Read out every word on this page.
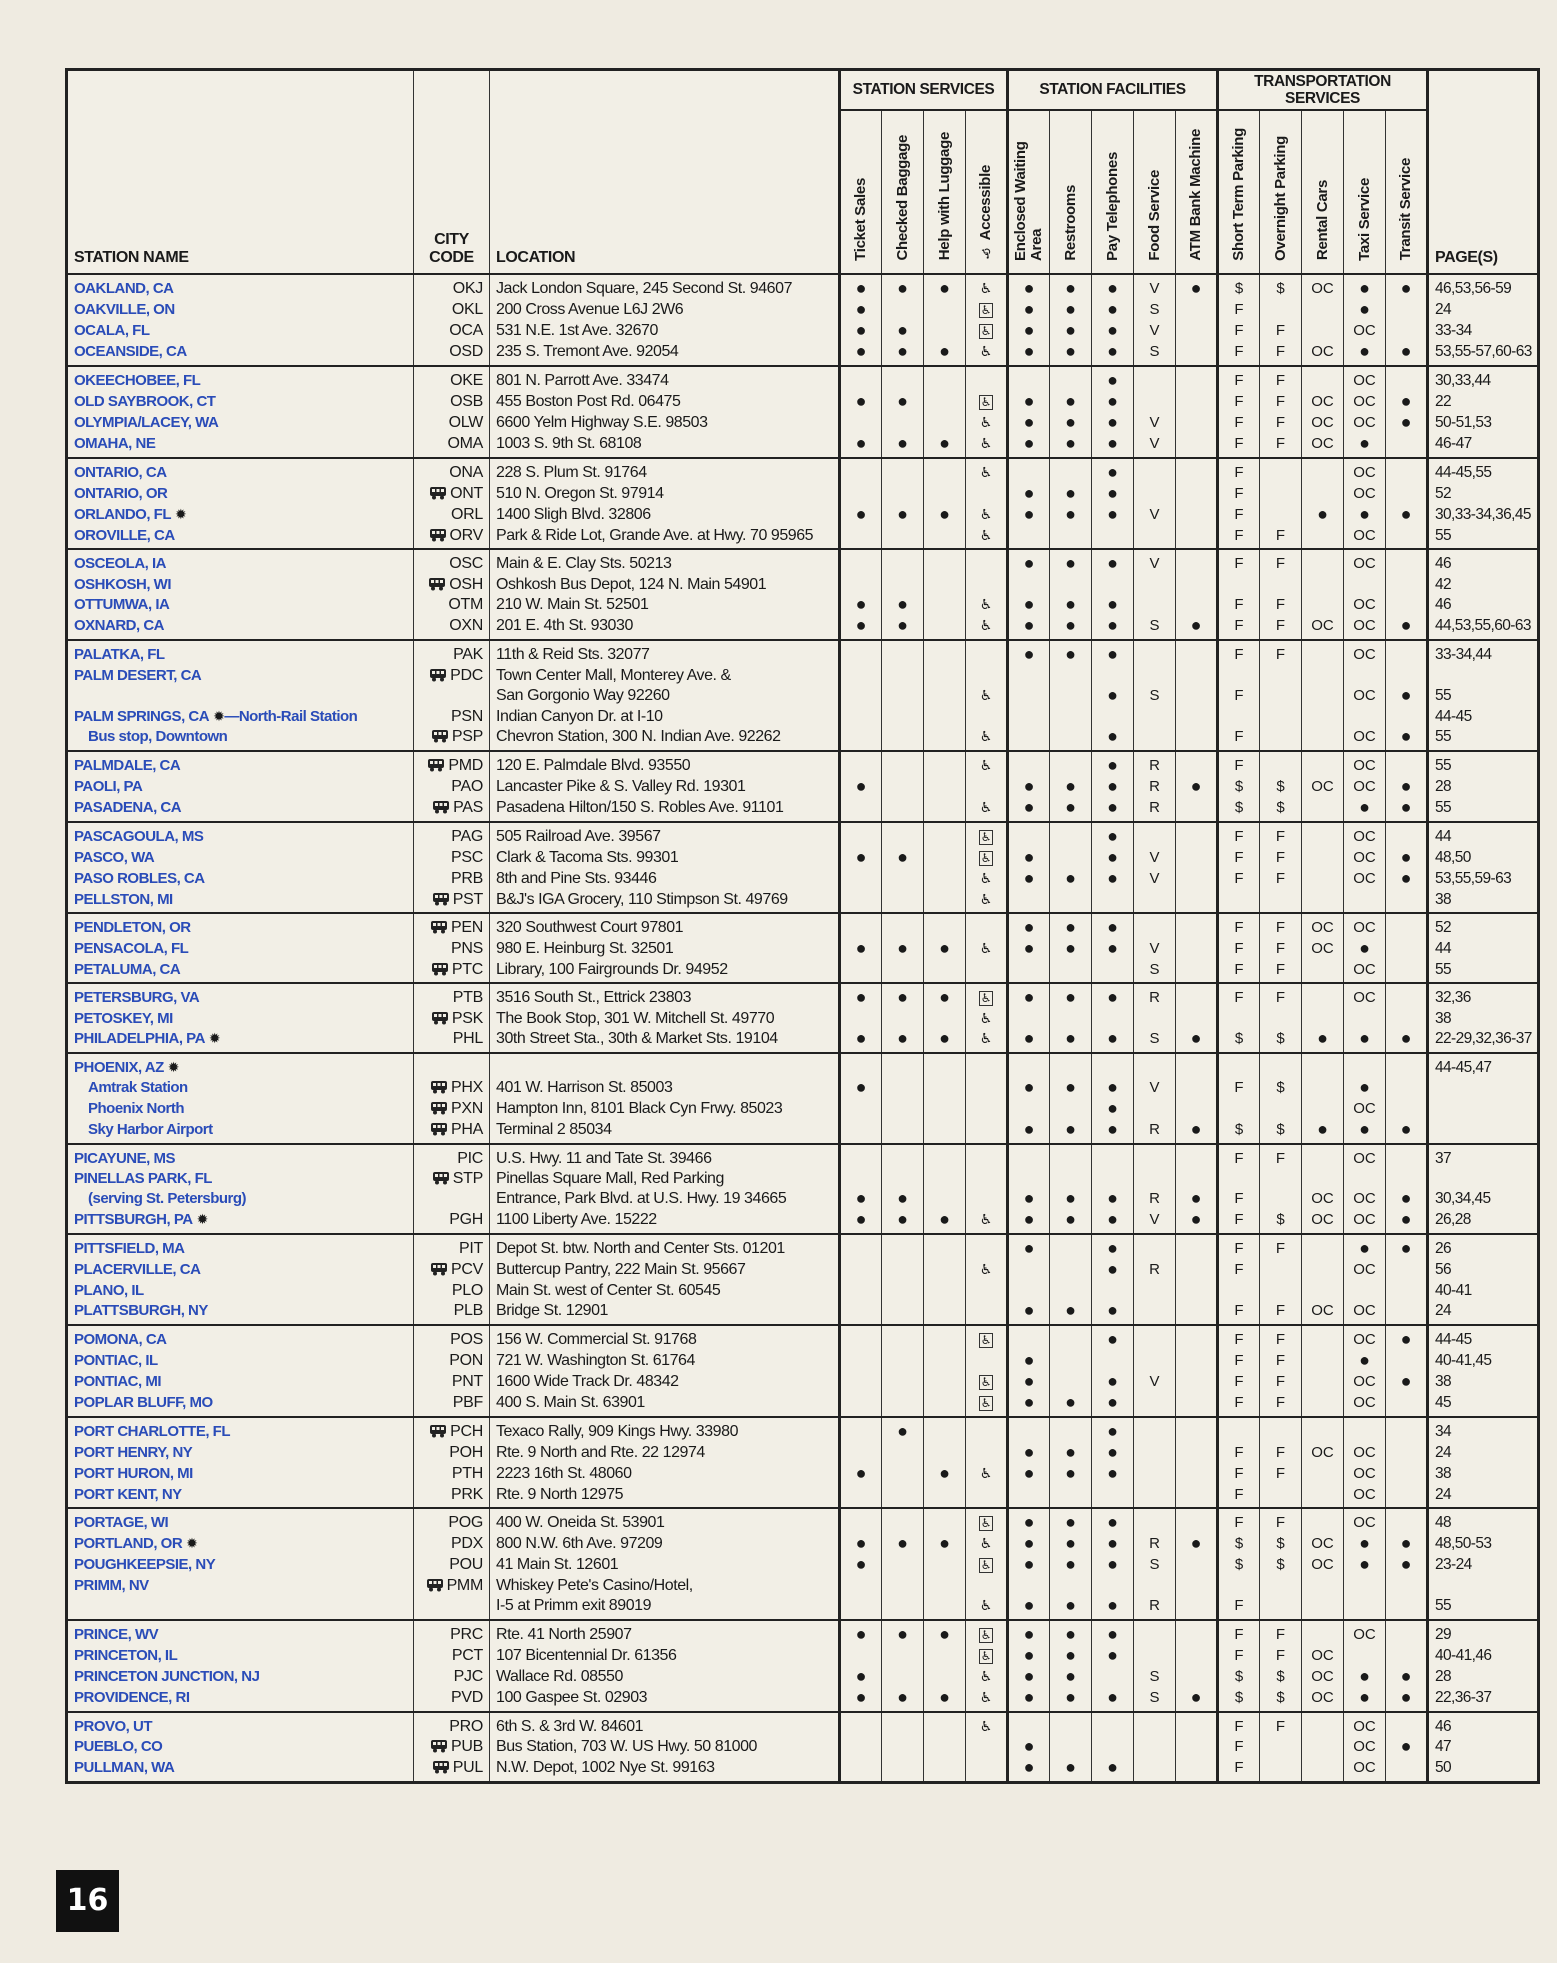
STATION NAME	CITY
CODE	LOCATION	STATION SERVICES				STATION FACILITIES					TRANSPORTATION SERVICES					PAGE(S)
			Ticket Sales	Checked Baggage	Help with Luggage	♿ Accessible	Enclosed Waiting Area	Restrooms	Pay Telephones	Food Service	ATM Bank Machine	Short Term Parking	Overnight Parking	Rental Cars	Taxi Service	Transit Service	
OAKLAND, CA	OKJ	Jack London Square, 245 Second St. 94607	●	●	●	♿	●	●	●	V	●	$	$	OC	●	●	46,53,56-59
OAKVILLE, ON	OKL	200 Cross Avenue L6J 2W6	●			♿	●	●	●	S		F			●		24
OCALA, FL	OCA	531 N.E. 1st Ave. 32670	●	●		♿	●	●	●	V		F	F		OC		33-34
OCEANSIDE, CA	OSD	235 S. Tremont Ave. 92054	●	●	●	♿	●	●	●	S		F	F	OC	●	●	53,55-57,60-63
OKEECHOBEE, FL	OKE	801 N. Parrott Ave. 33474							●			F	F		OC		30,33,44
OLD SAYBROOK, CT	OSB	455 Boston Post Rd. 06475	●	●		♿	●	●	●			F	F	OC	OC	●	22
OLYMPIA/LACEY, WA	OLW	6600 Yelm Highway S.E. 98503				♿	●	●	●	V		F	F	OC	OC	●	50-51,53
OMAHA, NE	OMA	1003 S. 9th St. 68108	●	●	●	♿	●	●	●	V		F	F	OC	●		46-47
ONTARIO, CA	ONA	228 S. Plum St. 91764				♿			●			F			OC		44-45,55
ONTARIO, OR	ONT	510 N. Oregon St. 97914					●	●	●			F			OC		52
ORLANDO, FL ✹	ORL	1400 Sligh Blvd. 32806	●	●	●	♿	●	●	●	V		F		●	●	●	30,33-34,36,45
OROVILLE, CA	ORV	Park & Ride Lot, Grande Ave. at Hwy. 70 95965				♿						F	F		OC		55
OSCEOLA, IA	OSC	Main & E. Clay Sts. 50213					●	●	●	V		F	F		OC		46
OSHKOSH, WI	OSH	Oshkosh Bus Depot, 124 N. Main 54901															42
OTTUMWA, IA	OTM	210 W. Main St. 52501	●	●		♿	●	●	●			F	F		OC		46
OXNARD, CA	OXN	201 E. 4th St. 93030	●	●		♿	●	●	●	S	●	F	F	OC	OC	●	44,53,55,60-63
PALATKA, FL	PAK	11th & Reid Sts. 32077					●	●	●			F	F		OC		33-34,44
PALM DESERT, CA	PDC	Town Center Mall, Monterey Ave. &															
		San Gorgonio Way 92260				♿			●	S		F			OC	●	55
PALM SPRINGS, CA ✹—North-Rail Station	PSN	Indian Canyon Dr. at I-10															44-45
Bus stop, Downtown	PSP	Chevron Station, 300 N. Indian Ave. 92262				♿			●			F			OC	●	55
PALMDALE, CA	PMD	120 E. Palmdale Blvd. 93550				♿			●	R		F			OC		55
PAOLI, PA	PAO	Lancaster Pike & S. Valley Rd. 19301	●				●	●	●	R	●	$	$	OC	OC	●	28
PASADENA, CA	PAS	Pasadena Hilton/150 S. Robles Ave. 91101				♿	●	●	●	R		$	$		●	●	55
PASCAGOULA, MS	PAG	505 Railroad Ave. 39567				♿			●			F	F		OC		44
PASCO, WA	PSC	Clark & Tacoma Sts. 99301	●	●		♿	●		●	V		F	F		OC	●	48,50
PASO ROBLES, CA	PRB	8th and Pine Sts. 93446				♿	●	●	●	V		F	F		OC	●	53,55,59-63
PELLSTON, MI	PST	B&J's IGA Grocery, 110 Stimpson St. 49769				♿											38
PENDLETON, OR	PEN	320 Southwest Court 97801					●	●	●			F	F	OC	OC		52
PENSACOLA, FL	PNS	980 E. Heinburg St. 32501	●	●	●	♿	●	●	●	V		F	F	OC	●		44
PETALUMA, CA	PTC	Library, 100 Fairgrounds Dr. 94952								S		F	F		OC		55
PETERSBURG, VA	PTB	3516 South St., Ettrick 23803	●	●	●	♿	●	●	●	R		F	F		OC		32,36
PETOSKEY, MI	PSK	The Book Stop, 301 W. Mitchell St. 49770				♿											38
PHILADELPHIA, PA ✹	PHL	30th Street Sta., 30th & Market Sts. 19104	●	●	●	♿	●	●	●	S	●	$	$	●	●	●	22-29,32,36-37
PHOENIX, AZ ✹																	44-45,47
Amtrak Station	PHX	401 W. Harrison St. 85003	●				●	●	●	V		F	$		●		
Phoenix North	PXN	Hampton Inn, 8101 Black Cyn Frwy. 85023							●						OC		
Sky Harbor Airport	PHA	Terminal 2 85034					●	●	●	R	●	$	$	●	●	●	
PICAYUNE, MS	PIC	U.S. Hwy. 11 and Tate St. 39466										F	F		OC		37
PINELLAS PARK, FL	STP	Pinellas Square Mall, Red Parking															
(serving St. Petersburg)		Entrance, Park Blvd. at U.S. Hwy. 19 34665	●	●			●	●	●	R	●	F		OC	OC	●	30,34,45
PITTSBURGH, PA ✹	PGH	1100 Liberty Ave. 15222	●	●	●	♿	●	●	●	V	●	F	$	OC	OC	●	26,28
PITTSFIELD, MA	PIT	Depot St. btw. North and Center Sts. 01201					●		●			F	F		●	●	26
PLACERVILLE, CA	PCV	Buttercup Pantry, 222 Main St. 95667				♿			●	R		F			OC		56
PLANO, IL	PLO	Main St. west of Center St. 60545															40-41
PLATTSBURGH, NY	PLB	Bridge St. 12901					●	●	●			F	F	OC	OC		24
POMONA, CA	POS	156 W. Commercial St. 91768				♿			●			F	F		OC	●	44-45
PONTIAC, IL	PON	721 W. Washington St. 61764					●					F	F		●		40-41,45
PONTIAC, MI	PNT	1600 Wide Track Dr. 48342				♿	●		●	V		F	F		OC	●	38
POPLAR BLUFF, MO	PBF	400 S. Main St. 63901				♿	●	●	●			F	F		OC		45
PORT CHARLOTTE, FL	PCH	Texaco Rally, 909 Kings Hwy. 33980		●					●								34
PORT HENRY, NY	POH	Rte. 9 North and Rte. 22 12974					●	●	●			F	F	OC	OC		24
PORT HURON, MI	PTH	2223 16th St. 48060	●		●	♿	●	●	●			F	F		OC		38
PORT KENT, NY	PRK	Rte. 9 North 12975										F			OC		24
PORTAGE, WI	POG	400 W. Oneida St. 53901				♿	●	●	●			F	F		OC		48
PORTLAND, OR ✹	PDX	800 N.W. 6th Ave. 97209	●	●	●	♿	●	●	●	R	●	$	$	OC	●	●	48,50-53
POUGHKEEPSIE, NY	POU	41 Main St. 12601	●			♿	●	●	●	S		$	$	OC	●	●	23-24
PRIMM, NV	PMM	Whiskey Pete's Casino/Hotel,															
		I-5 at Primm exit 89019				♿	●	●	●	R		F					55
PRINCE, WV	PRC	Rte. 41 North 25907	●	●	●	♿	●	●	●			F	F		OC		29
PRINCETON, IL	PCT	107 Bicentennial Dr. 61356				♿	●	●	●			F	F	OC			40-41,46
PRINCETON JUNCTION, NJ	PJC	Wallace Rd. 08550	●			♿	●	●		S		$	$	OC	●	●	28
PROVIDENCE, RI	PVD	100 Gaspee St. 02903	●	●	●	♿	●	●	●	S	●	$	$	OC	●	●	22,36-37
PROVO, UT	PRO	6th S. & 3rd W. 84601				♿						F	F		OC		46
PUEBLO, CO	PUB	Bus Station, 703 W. US Hwy. 50 81000					●					F			OC	●	47
PULLMAN, WA	PUL	N.W. Depot, 1002 Nye St. 99163					●	●	●			F			OC		50
16
